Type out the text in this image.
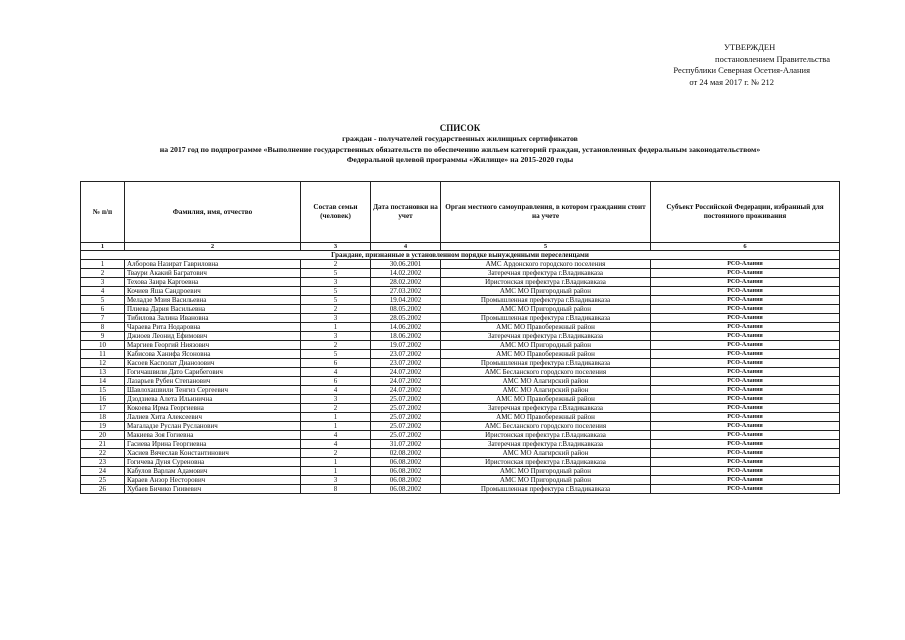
УТВЕРЖДЕН
постановлением Правительства
Республики Северная Осетия-Алания
от 24 мая 2017 г. № 212
СПИСОК
граждан - получателей государственных жилищных сертификатов
на 2017 год по подпрограмме «Выполнение государственных обязательств по обеспечению жильем категорий граждан, установленных федеральным законодательством»
Федеральной целевой программы «Жилище» на 2015-2020 годы
№ п/п	Фамилия, имя, отчество	Состав семьи (человек)	Дата постановки на учет	Орган местного самоуправления, в котором гражданин стоит на учете	Субъект Российской Федерации, избранный для постоянного проживания
1	2	3	4	5	6
Граждане, признанные в установленном порядке вынужденными переселенцами					
1	Алборова Назират Гавриловна	2	30.06.2001	АМС Ардонского городского поселения	РСО-Алания
2	Тваури Акакий Багратович	5	14.02.2002	Затеречная префектура г.Владикавказа	РСО-Алания
3	Техова Заира Каргоевна	3	28.02.2002	Иристонская префектура г.Владикавказа	РСО-Алания
4	Кочиев Яша Сандроевич	5	27.03.2002	АМС МО Пригородный район	РСО-Алания
5	Меладзе Мзия Васильевна	5	19.04.2002	Промышленная префектура г.Владикавказа	РСО-Алания
6	Плиева Дария Васильевна	2	08.05.2002	АМС МО Пригородный район	РСО-Алания
7	Тибилова Залина Ивановна	3	28.05.2002	Промышленная префектура г.Владикавказа	РСО-Алания
8	Чараева Рита Нодаровна	1	14.06.2002	АМС МО Правобережный район	РСО-Алания
9	Джиоев Леонид Ефимович	3	18.06.2002	Затеречная префектура г.Владикавказа	РСО-Алания
10	Маргиев Георгий Ниязович	2	19.07.2002	АМС МО Пригородный район	РСО-Алания
11	Кабисова Ханифа Ясоновна	5	23.07.2002	АМС МО Правобережный район	РСО-Алания
12	Касоев Касполат Дианозович	6	23.07.2002	Промышленная префектура г.Владикавказа	РСО-Алания
13	Гогичашвили Дато Сарибегович	4	24.07.2002	АМС Бесланского городского поселения	РСО-Алания
14	Лазарьев Рубен Степанович	6	24.07.2002	АМС МО Алагирский район	РСО-Алания
15	Шавлохашвили Тенгиз Сергеевич	4	24.07.2002	АМС МО Алагирский район	РСО-Алания
16	Дзодзиева Алета Ильинична	3	25.07.2002	АМС МО Правобережный район	РСО-Алания
17	Кокоева Ирма Георгиевна	2	25.07.2002	Затеречная префектура г.Владикавказа	РСО-Алания
18	Лалиев Хита Алексеевич	1	25.07.2002	АМС МО Правобережный район	РСО-Алания
19	Магаладзе Руслан Русланович	1	25.07.2002	АМС Бесланского городского поселения	РСО-Алания
20	Макиева Зоя Гогиевна	4	25.07.2002	Иристонская префектура г.Владикавказа	РСО-Алания
21	Гасиева Ирина Георгиевна	4	31.07.2002	Затеречная префектура г.Владикавказа	РСО-Алания
22	Хасиев Вячеслав Константинович	2	02.08.2002	АМС МО Алагирский район	РСО-Алания
23	Гогичева Дуня Суреновна	1	06.08.2002	Иристонская префектура г.Владикавказа	РСО-Алания
24	Кабулов Варлам Адамович	1	06.08.2002	АМС МО Пригородный район	РСО-Алания
25	Караев Анзор Несторович	3	06.08.2002	АМС МО Пригородный район	РСО-Алания
26	Хубаев Бичико Гиивевич	8	06.08.2002	Промышленная префектура г.Владикавказа	РСО-Алания
